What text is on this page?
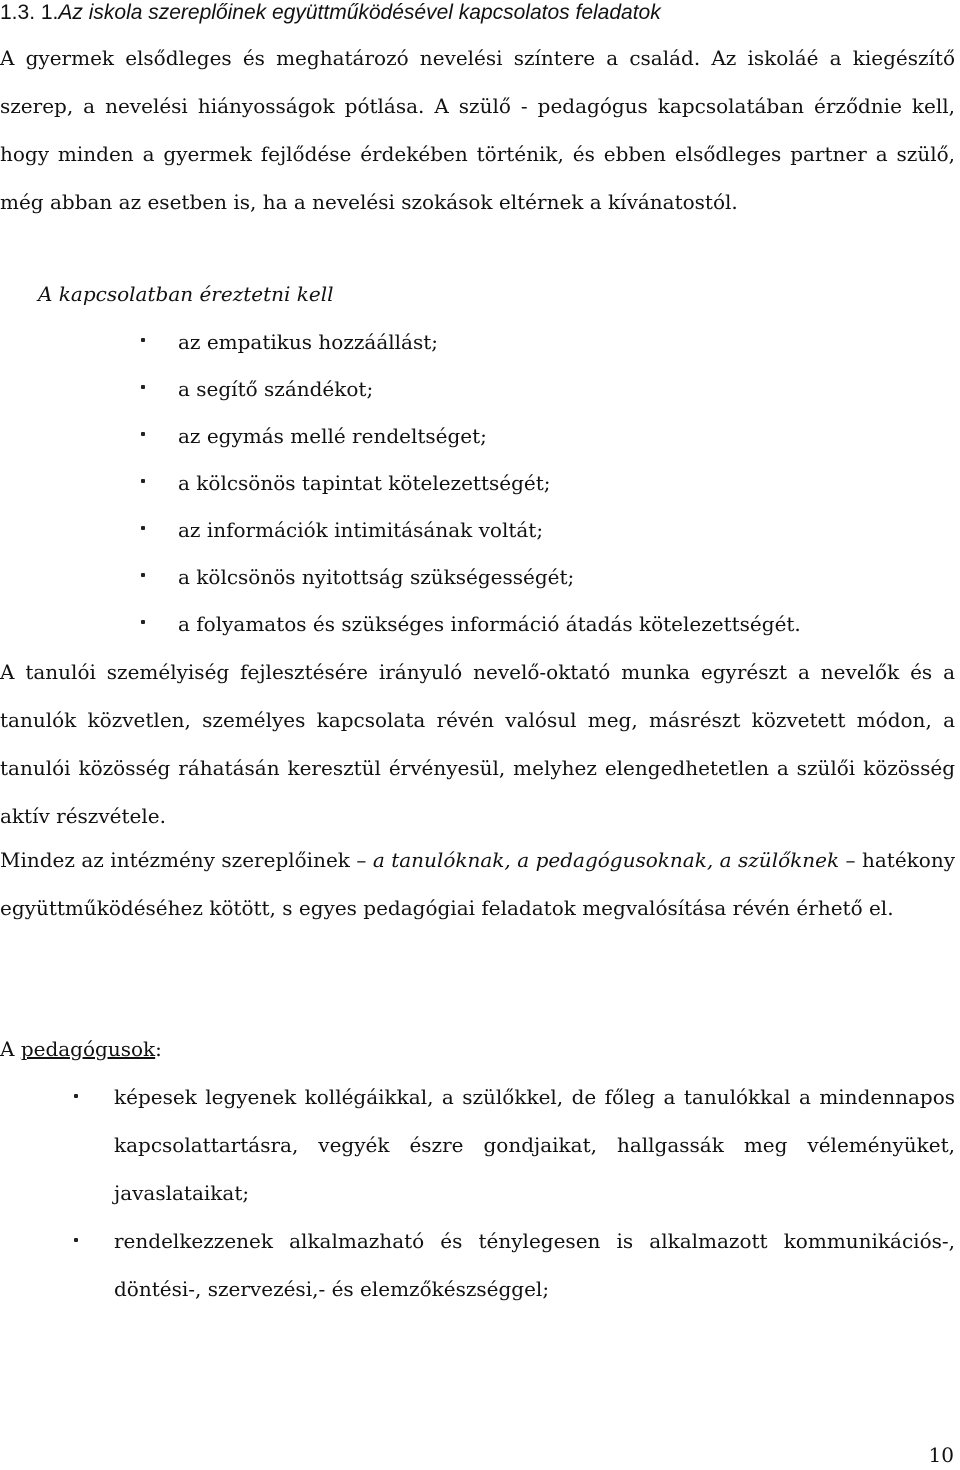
1.3. 1.Az iskola szereplőinek együttműködésével kapcsolatos feladatok
A gyermek elsődleges és meghatározó nevelési színtere a család. Az iskoláé a kiegészítő szerep, a nevelési hiányosságok pótlása. A szülő - pedagógus kapcsolatában érződnie kell, hogy minden a gyermek fejlődése érdekében történik, és ebben elsődleges partner a szülő, még abban az esetben is, ha a nevelési szokások eltérnek a kívánatostól.
A kapcsolatban éreztetni kell
az empatikus hozzáállást;
a segítő szándékot;
az egymás mellé rendeltséget;
a kölcsönös tapintat kötelezettségét;
az információk intimitásának voltát;
a kölcsönös nyitottság szükségességét;
a folyamatos és szükséges információ átadás kötelezettségét.
A tanulói személyiség fejlesztésére irányuló nevelő-oktató munka egyrészt a nevelők és a tanulók közvetlen, személyes kapcsolata révén valósul meg, másrészt közvetett módon, a tanulói közösség ráhatásán keresztül érvényesül, melyhez elengedhetetlen a szülői közösség aktív részvétele.
Mindez az intézmény szereplőinek – a tanulóknak, a pedagógusoknak, a szülőknek – hatékony együttműködéséhez kötött, s egyes pedagógiai feladatok megvalósítása révén érhető el.
A pedagógusok:
képesek legyenek kollégáikkal, a szülőkkel, de főleg a tanulókkal a mindennapos kapcsolattartásra, vegyék észre gondjaikat, hallgassák meg véleményüket, javaslataikat;
rendelkezzenek alkalmazható és ténylegesen is alkalmazott kommunikációs-, döntési-, szervezési,- és elemzőkészséggel;
10
